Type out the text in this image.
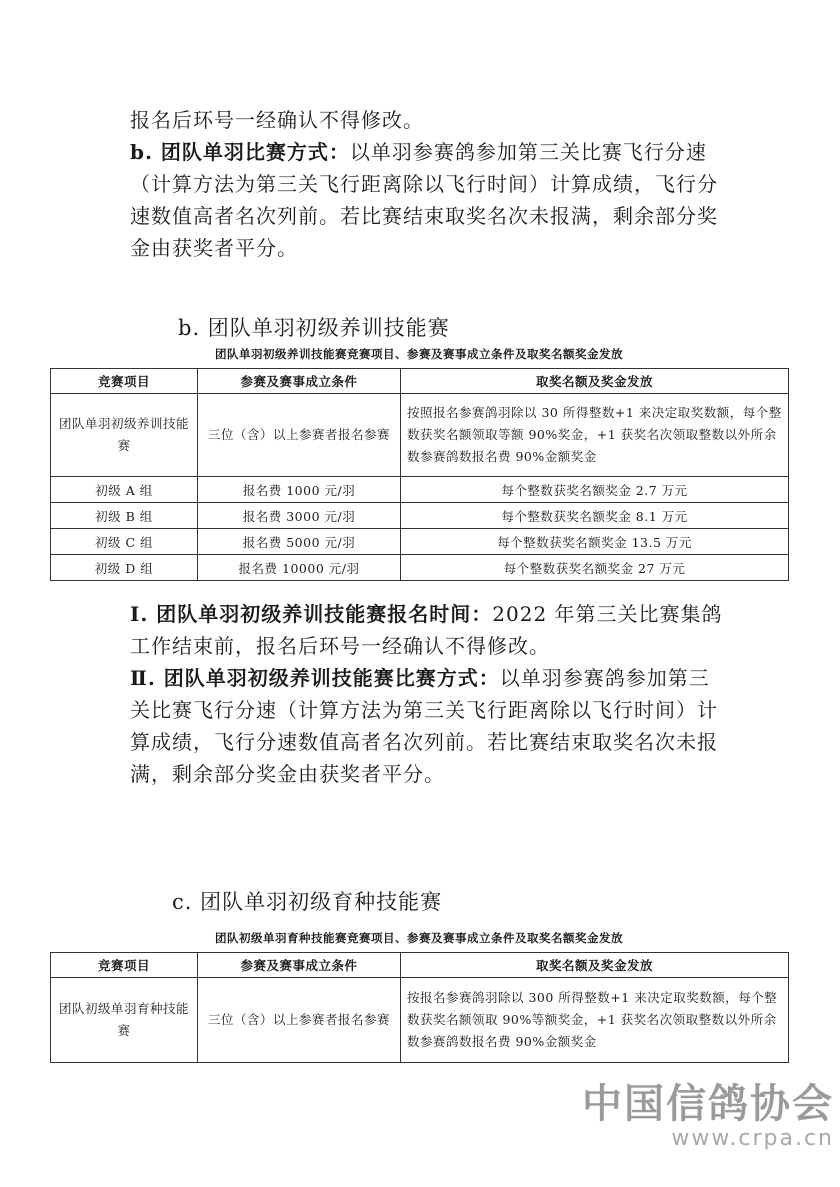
报名后环号一经确认不得修改。
b. 团队单羽比赛方式：以单羽参赛鸽参加第三关比赛飞行分速（计算方法为第三关飞行距离除以飞行时间）计算成绩，飞行分速数值高者名次列前。若比赛结束取奖名次未报满，剩余部分奖金由获奖者平分。

b. 团队单羽初级养训技能赛

团队单羽初级养训技能赛竞赛项目、参赛及赛事成立条件及取奖名额奖金发放

竞赛项目	参赛及赛事成立条件	取奖名额及奖金发放
团队单羽初级养训技能赛	三位（含）以上参赛者报名参赛	按照报名参赛鸽羽除以 30 所得整数+1 来决定取奖数额，每个整数获奖名额领取等额 90%奖金，+1 获奖名次领取整数以外所余数参赛鸽数报名费 90%金额奖金
初级 A 组	报名费 1000 元/羽	每个整数获奖名额奖金 2.7 万元
初级 B 组	报名费 3000 元/羽	每个整数获奖名额奖金 8.1 万元
初级 C 组	报名费 5000 元/羽	每个整数获奖名额奖金 13.5 万元
初级 D 组	报名费 10000 元/羽	每个整数获奖名额奖金 27 万元

Ⅰ. 团队单羽初级养训技能赛报名时间：2022 年第三关比赛集鸽工作结束前，报名后环号一经确认不得修改。
Ⅱ. 团队单羽初级养训技能赛比赛方式：以单羽参赛鸽参加第三关比赛飞行分速（计算方法为第三关飞行距离除以飞行时间）计算成绩，飞行分速数值高者名次列前。若比赛结束取奖名次未报满，剩余部分奖金由获奖者平分。

c. 团队单羽初级育种技能赛

团队初级单羽育种技能赛竞赛项目、参赛及赛事成立条件及取奖名额奖金发放

竞赛项目	参赛及赛事成立条件	取奖名额及奖金发放
团队初级单羽育种技能赛	三位（含）以上参赛者报名参赛	按报名参赛鸽羽除以 300 所得整数+1 来决定取奖数额，每个整数获奖名额领取 90%等额奖金，+1 获奖名次领取整数以外所余数参赛鸽数报名费 90%金额奖金
中国信鸽协会
www.crpa.cn
